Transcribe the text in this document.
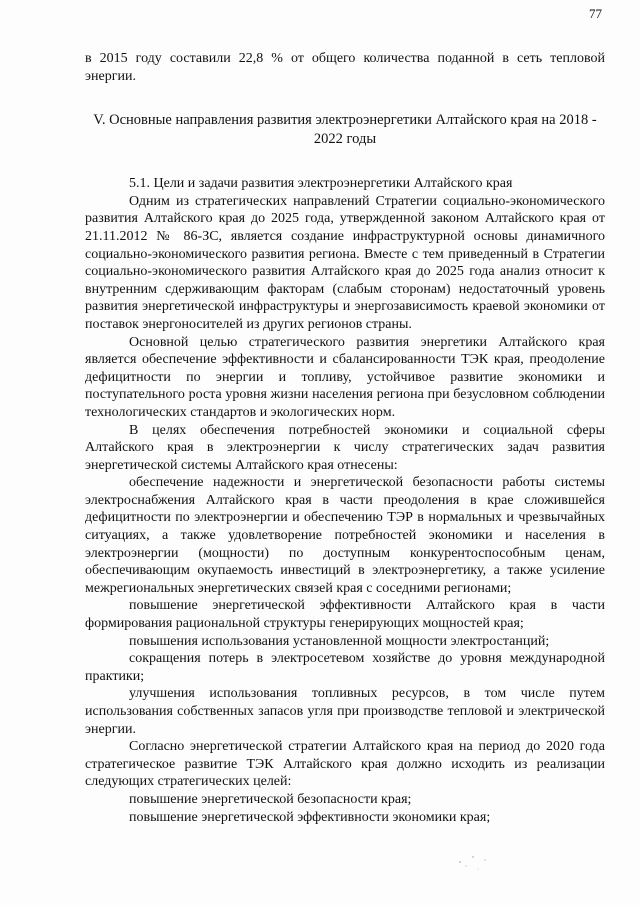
77

в 2015 году составили 22,8 % от общего количества поданной в сеть тепловой энергии.

V. Основные направления развития электроэнергетики Алтайского края на 2018 - 2022 годы

5.1. Цели и задачи развития электроэнергетики Алтайского края

Одним из стратегических направлений Стратегии социально-экономического развития Алтайского края до 2025 года, утвержденной законом Алтайского края от 21.11.2012 № 86-ЗС, является создание инфраструктурной основы динамичного социально-экономического развития региона. Вместе с тем приведенный в Стратегии социально-экономического развития Алтайского края до 2025 года анализ относит к внутренним сдерживающим факторам (слабым сторонам) недостаточный уровень развития энергетической инфраструктуры и энергозависимость краевой экономики от поставок энергоносителей из других регионов страны.

Основной целью стратегического развития энергетики Алтайского края является обеспечение эффективности и сбалансированности ТЭК края, преодоление дефицитности по энергии и топливу, устойчивое развитие экономики и поступательного роста уровня жизни населения региона при безусловном соблюдении технологических стандартов и экологических норм.

В целях обеспечения потребностей экономики и социальной сферы Алтайского края в электроэнергии к числу стратегических задач развития энергетической системы Алтайского края отнесены:

обеспечение надежности и энергетической безопасности работы системы электроснабжения Алтайского края в части преодоления в крае сложившейся дефицитности по электроэнергии и обеспечению ТЭР в нормальных и чрезвычайных ситуациях, а также удовлетворение потребностей экономики и населения в электроэнергии (мощности) по доступным конкурентоспособным ценам, обеспечивающим окупаемость инвестиций в электроэнергетику, а также усиление межрегиональных энергетических связей края с соседними регионами;

повышение энергетической эффективности Алтайского края в части формирования рациональной структуры генерирующих мощностей края;

повышения использования установленной мощности электростанций;

сокращения потерь в электросетевом хозяйстве до уровня международной практики;

улучшения использования топливных ресурсов, в том числе путем использования собственных запасов угля при производстве тепловой и электрической энергии.

Согласно энергетической стратегии Алтайского края на период до 2020 года стратегическое развитие ТЭК Алтайского края должно исходить из реализации следующих стратегических целей:

повышение энергетической безопасности края;

повышение энергетической эффективности экономики края;
